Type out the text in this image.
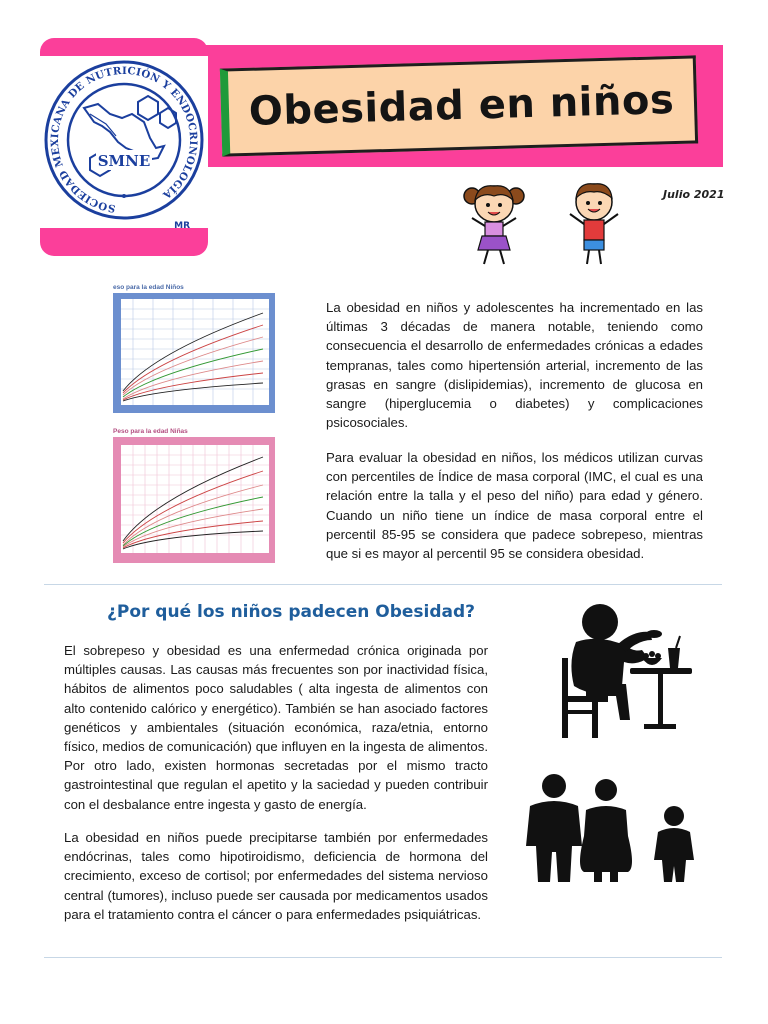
SOCIEDAD MEXICANA DE NUTRICIÓN Y ENDOCRINOLOGÍA
SMNE
MR
Obesidad en niños
Julio 2021
eso para la edad Niños
Peso para la edad Niñas
La obesidad en niños y adolescentes ha incrementado en las últimas 3 décadas de manera notable, teniendo como consecuencia el desarrollo de enfermedades crónicas a edades tempranas, tales como hipertensión arterial, incremento de las grasas en sangre (dislipidemias), incremento de glucosa en sangre (hiperglucemia o diabetes) y complicaciones psicosociales.
Para evaluar la obesidad en niños, los médicos utilizan curvas con percentiles de Índice de masa corporal (IMC, el cual es una relación entre la talla y el peso del niño) para edad y género. Cuando un niño tiene un índice de masa corporal entre el percentil 85-95 se considera que padece sobrepeso, mientras que si es mayor al percentil 95 se considera obesidad.
¿Por qué los niños padecen Obesidad?
El sobrepeso y obesidad es una enfermedad crónica originada por múltiples causas. Las causas más frecuentes son por inactividad física, hábitos de alimentos poco saludables ( alta ingesta de alimentos con alto contenido calórico y energético). También se han asociado factores genéticos y ambientales (situación económica, raza/etnia, entorno físico, medios de comunicación) que influyen en la ingesta de alimentos. Por otro lado, existen hormonas secretadas por el mismo tracto gastrointestinal que regulan el apetito y la saciedad y pueden contribuir con el desbalance entre ingesta y gasto de energía.
La obesidad en niños puede precipitarse también por enfermedades endócrinas, tales como hipotiroidismo, deficiencia de hormona del crecimiento, exceso de cortisol; por enfermedades del sistema nervioso central (tumores), incluso puede ser causada por medicamentos usados para el tratamiento contra el cáncer o para enfermedades psiquiátricas.
